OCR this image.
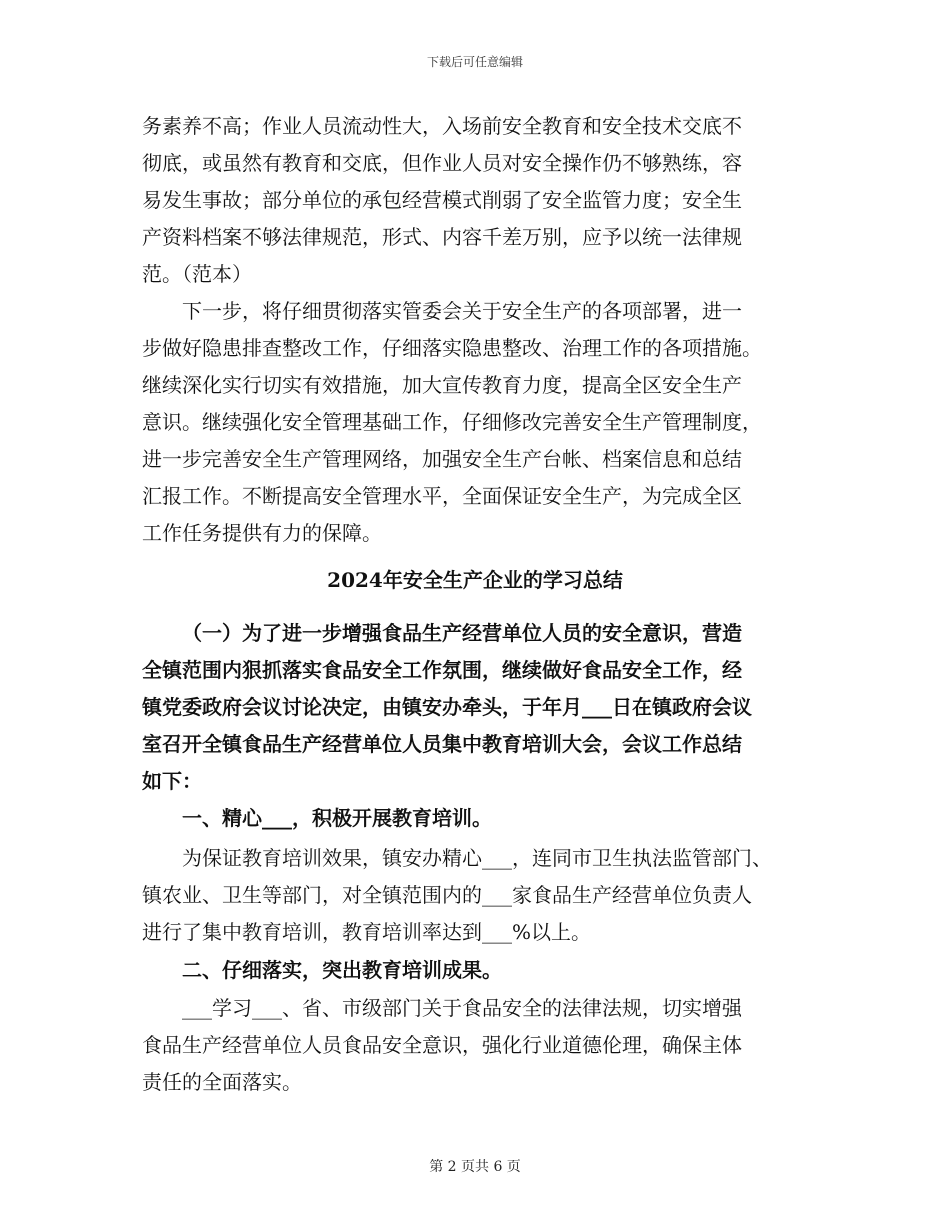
下载后可任意编辑
务素养不高；作业人员流动性大，入场前安全教育和安全技术交底不
彻底，或虽然有教育和交底，但作业人员对安全操作仍不够熟练，容
易发生事故；部分单位的承包经营模式削弱了安全监管力度；安全生
产资料档案不够法律规范，形式、内容千差万别，应予以统一法律规
范。（范本）
下一步，将仔细贯彻落实管委会关于安全生产的各项部署，进一
步做好隐患排查整改工作，仔细落实隐患整改、治理工作的各项措施。
继续深化实行切实有效措施，加大宣传教育力度，提高全区安全生产
意识。继续强化安全管理基础工作，仔细修改完善安全生产管理制度，
进一步完善安全生产管理网络，加强安全生产台帐、档案信息和总结
汇报工作。不断提高安全管理水平，全面保证安全生产，为完成全区
工作任务提供有力的保障。
2024年安全生产企业的学习总结
（一）为了进一步增强食品生产经营单位人员的安全意识，营造
全镇范围内狠抓落实食品安全工作氛围，继续做好食品安全工作，经
镇党委政府会议讨论决定，由镇安办牵头，于年月___日在镇政府会议
室召开全镇食品生产经营单位人员集中教育培训大会，会议工作总结
如下：
一、精心___，积极开展教育培训。
为保证教育培训效果，镇安办精心___，连同市卫生执法监管部门、
镇农业、卫生等部门，对全镇范围内的___家食品生产经营单位负责人
进行了集中教育培训，教育培训率达到___%以上。
二、仔细落实，突出教育培训成果。
___学习___、省、市级部门关于食品安全的法律法规，切实增强
食品生产经营单位人员食品安全意识，强化行业道德伦理，确保主体
责任的全面落实。
第 2 页共 6 页
